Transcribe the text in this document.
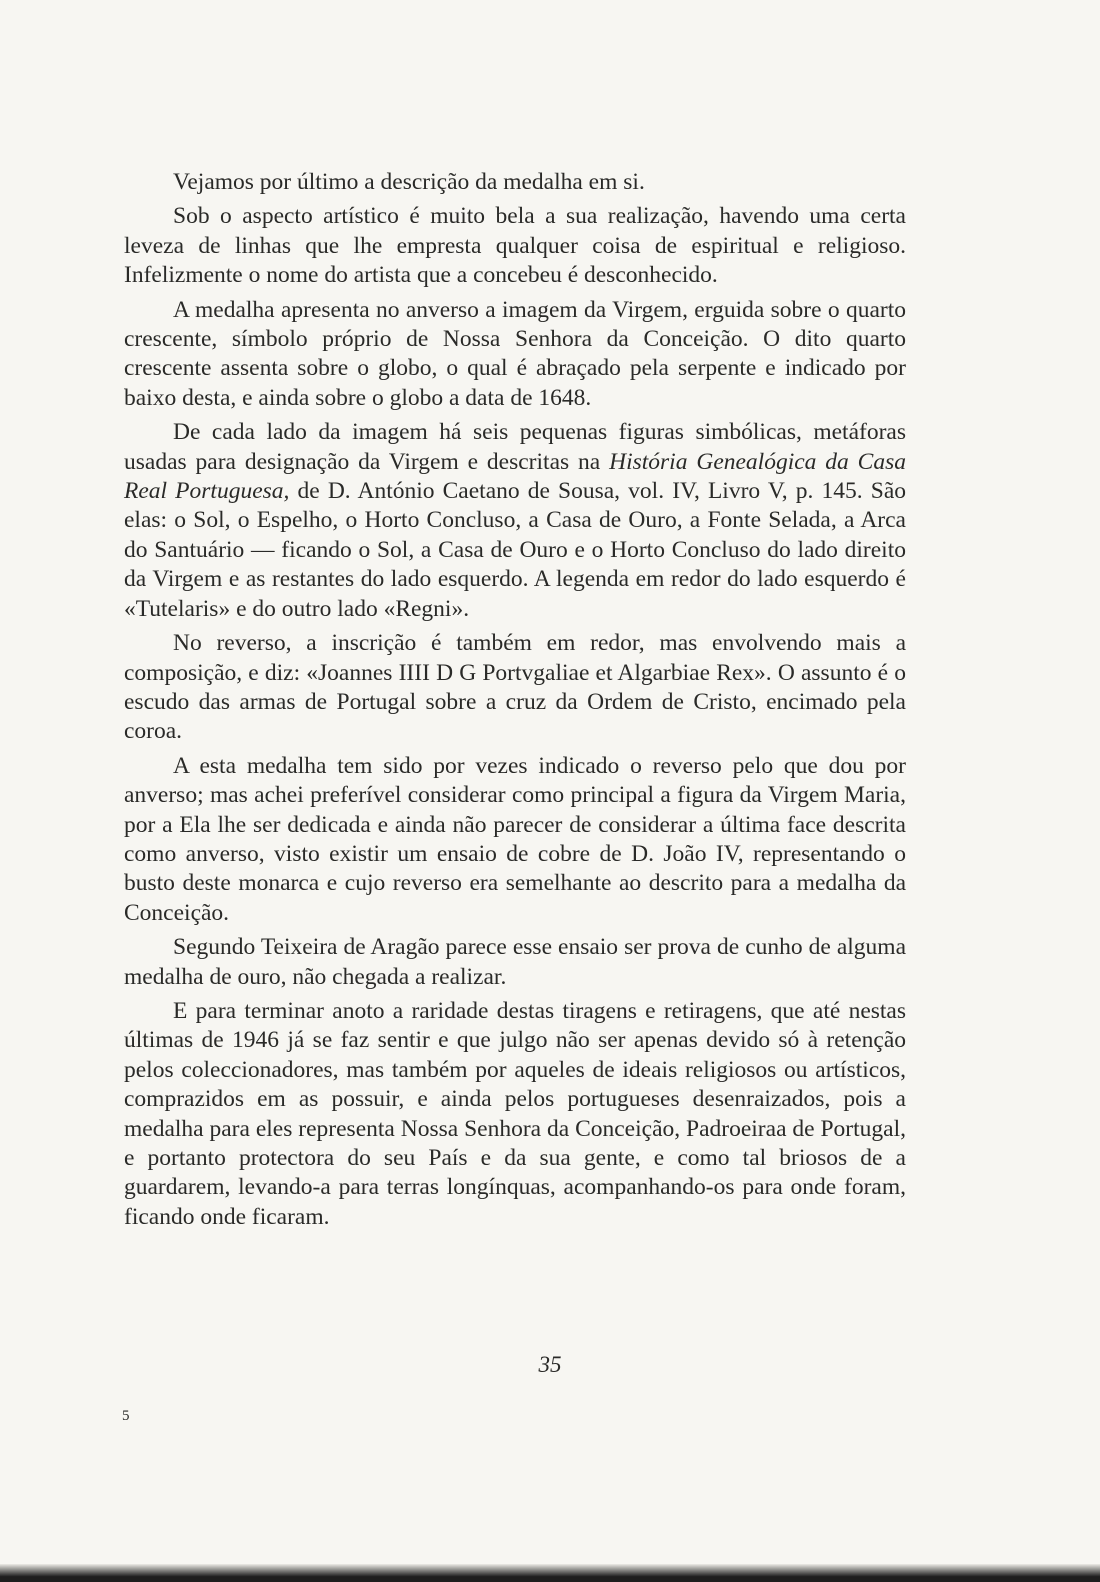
Vejamos por último a descrição da medalha em si.

Sob o aspecto artístico é muito bela a sua realização, havendo uma certa leveza de linhas que lhe empresta qualquer coisa de espiritual e religioso. Infelizmente o nome do artista que a concebeu é desconhecido.

A medalha apresenta no anverso a imagem da Virgem, erguida sobre o quarto crescente, símbolo próprio de Nossa Senhora da Conceição. O dito quarto crescente assenta sobre o globo, o qual é abraçado pela serpente e indicado por baixo desta, e ainda sobre o globo a data de 1648.

De cada lado da imagem há seis pequenas figuras simbólicas, metáforas usadas para designação da Virgem e descritas na História Genealógica da Casa Real Portuguesa, de D. António Caetano de Sousa, vol. IV, Livro V, p. 145. São elas: o Sol, o Espelho, o Horto Concluso, a Casa de Ouro, a Fonte Selada, a Arca do Santuário — ficando o Sol, a Casa de Ouro e o Horto Concluso do lado direito da Virgem e as restantes do lado esquerdo. A legenda em redor do lado esquerdo é «Tutelaris» e do outro lado «Regni».

No reverso, a inscrição é também em redor, mas envolvendo mais a composição, e diz: «Joannes IIII D G Portvgaliae et Algarbiae Rex». O assunto é o escudo das armas de Portugal sobre a cruz da Ordem de Cristo, encimado pela coroa.

A esta medalha tem sido por vezes indicado o reverso pelo que dou por anverso; mas achei preferível considerar como principal a figura da Virgem Maria, por a Ela lhe ser dedicada e ainda não parecer de considerar a última face descrita como anverso, visto existir um ensaio de cobre de D. João IV, representando o busto deste monarca e cujo reverso era semelhante ao descrito para a medalha da Conceição.

Segundo Teixeira de Aragão parece esse ensaio ser prova de cunho de alguma medalha de ouro, não chegada a realizar.

E para terminar anoto a raridade destas tiragens e retiragens, que até nestas últimas de 1946 já se faz sentir e que julgo não ser apenas devido só à retenção pelos coleccionadores, mas também por aqueles de ideais religiosos ou artísticos, comprazidos em as possuir, e ainda pelos portugueses desenraizados, pois a medalha para eles representa Nossa Senhora da Conceição, Padroeiraa de Portugal, e portanto protectora do seu País e da sua gente, e como tal briosos de a guardarem, levando-a para terras longínquas, acompanhando-os para onde foram, ficando onde ficaram.

35
5
